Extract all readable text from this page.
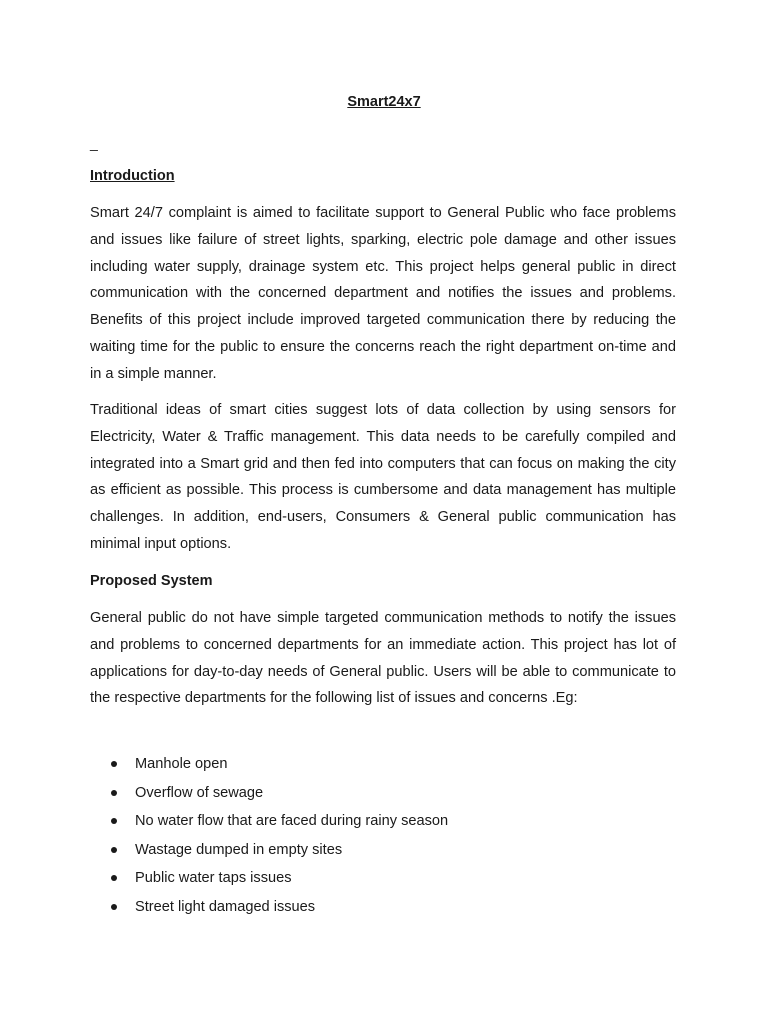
Smart24x7
_
Introduction

Smart 24/7 complaint is aimed to facilitate support to General Public who face problems and issues like failure of street lights, sparking, electric pole damage and other issues including water supply, drainage system etc. This project helps general public in direct communication with the concerned department and notifies the issues and problems. Benefits of this project include improved targeted communication there by reducing the waiting time for the public to ensure the concerns reach the right department on-time and in a simple manner.

Traditional ideas of smart cities suggest lots of data collection by using sensors for Electricity, Water & Traffic management. This data needs to be carefully compiled and integrated into a Smart grid and then fed into computers that can focus on making the city as efficient as possible. This process is cumbersome and data management has multiple challenges. In addition, end-users, Consumers & General public communication has minimal input options.

Proposed System

General public do not have simple targeted communication methods to notify the issues and problems to concerned departments for an immediate action. This project has lot of applications for day-to-day needs of General public. Users will be able to communicate to the respective departments for the following list of issues and concerns .Eg:

Manhole open
Overflow of sewage
No water flow that are faced during rainy season
Wastage dumped in empty sites
Public water taps issues
Street light damaged issues
